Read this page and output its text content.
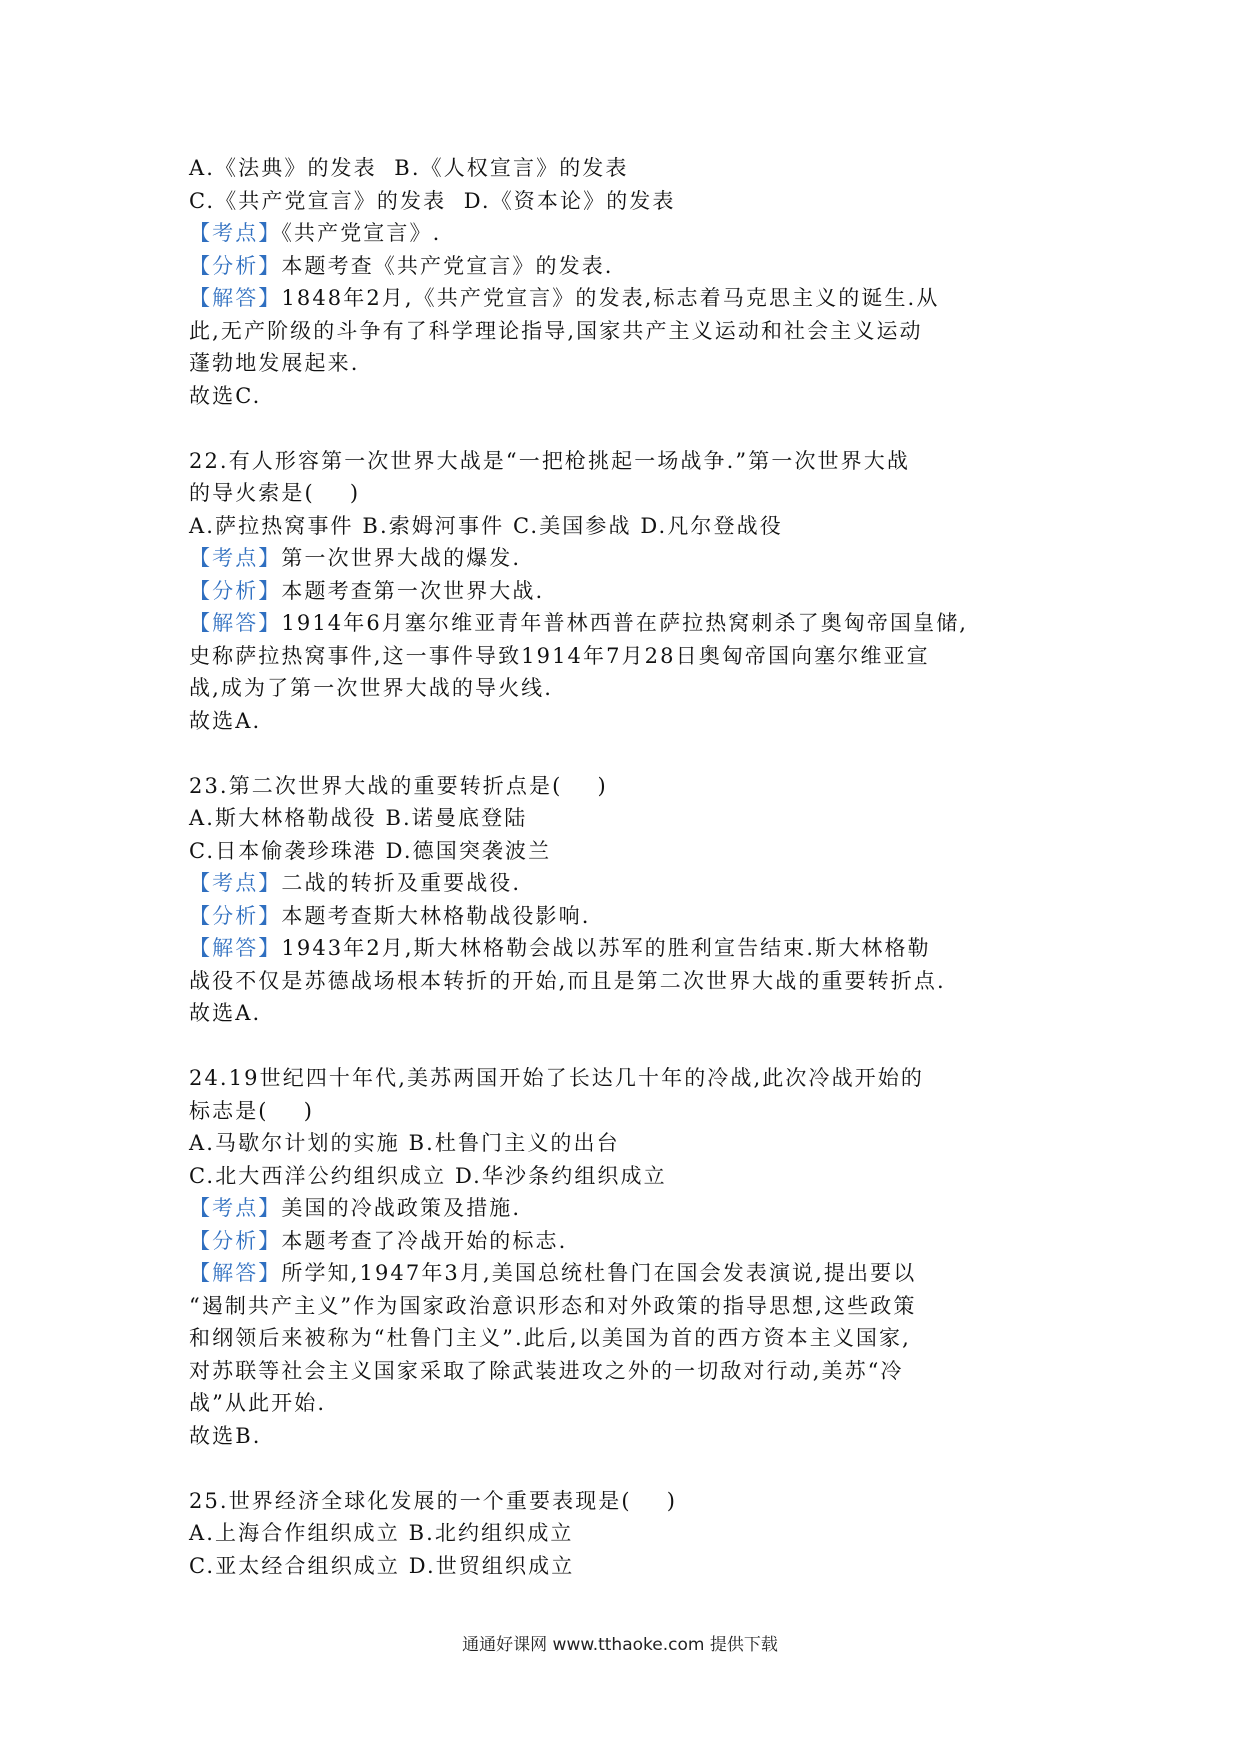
A.《法典》的发表  B.《人权宣言》的发表
C.《共产党宣言》的发表  D.《资本论》的发表
【考点】《共产党宣言》.
【分析】本题考查《共产党宣言》的发表.
【解答】1848年2月,《共产党宣言》的发表,标志着马克思主义的诞生.从
此,无产阶级的斗争有了科学理论指导,国家共产主义运动和社会主义运动
蓬勃地发展起来.
故选C.
22.有人形容第一次世界大战是“一把枪挑起一场战争.”第一次世界大战
的导火索是(    )
A.萨拉热窝事件 B.索姆河事件 C.美国参战 D.凡尔登战役
【考点】第一次世界大战的爆发.
【分析】本题考查第一次世界大战.
【解答】1914年6月塞尔维亚青年普林西普在萨拉热窝刺杀了奥匈帝国皇储,
史称萨拉热窝事件,这一事件导致1914年7月28日奥匈帝国向塞尔维亚宣
战,成为了第一次世界大战的导火线.
故选A.
23.第二次世界大战的重要转折点是(    )
A.斯大林格勒战役 B.诺曼底登陆
C.日本偷袭珍珠港 D.德国突袭波兰
【考点】二战的转折及重要战役.
【分析】本题考查斯大林格勒战役影响.
【解答】1943年2月,斯大林格勒会战以苏军的胜利宣告结束.斯大林格勒
战役不仅是苏德战场根本转折的开始,而且是第二次世界大战的重要转折点.
故选A.
24.19世纪四十年代,美苏两国开始了长达几十年的冷战,此次冷战开始的
标志是(    )
A.马歇尔计划的实施 B.杜鲁门主义的出台
C.北大西洋公约组织成立 D.华沙条约组织成立
【考点】美国的冷战政策及措施.
【分析】本题考查了冷战开始的标志.
【解答】所学知,1947年3月,美国总统杜鲁门在国会发表演说,提出要以
“遏制共产主义”作为国家政治意识形态和对外政策的指导思想,这些政策
和纲领后来被称为“杜鲁门主义”.此后,以美国为首的西方资本主义国家,
对苏联等社会主义国家采取了除武装进攻之外的一切敌对行动,美苏“冷
战”从此开始.
故选B.
25.世界经济全球化发展的一个重要表现是(    )
A.上海合作组织成立 B.北约组织成立
C.亚太经合组织成立 D.世贸组织成立
通通好课网 www.tthaoke.com 提供下载
